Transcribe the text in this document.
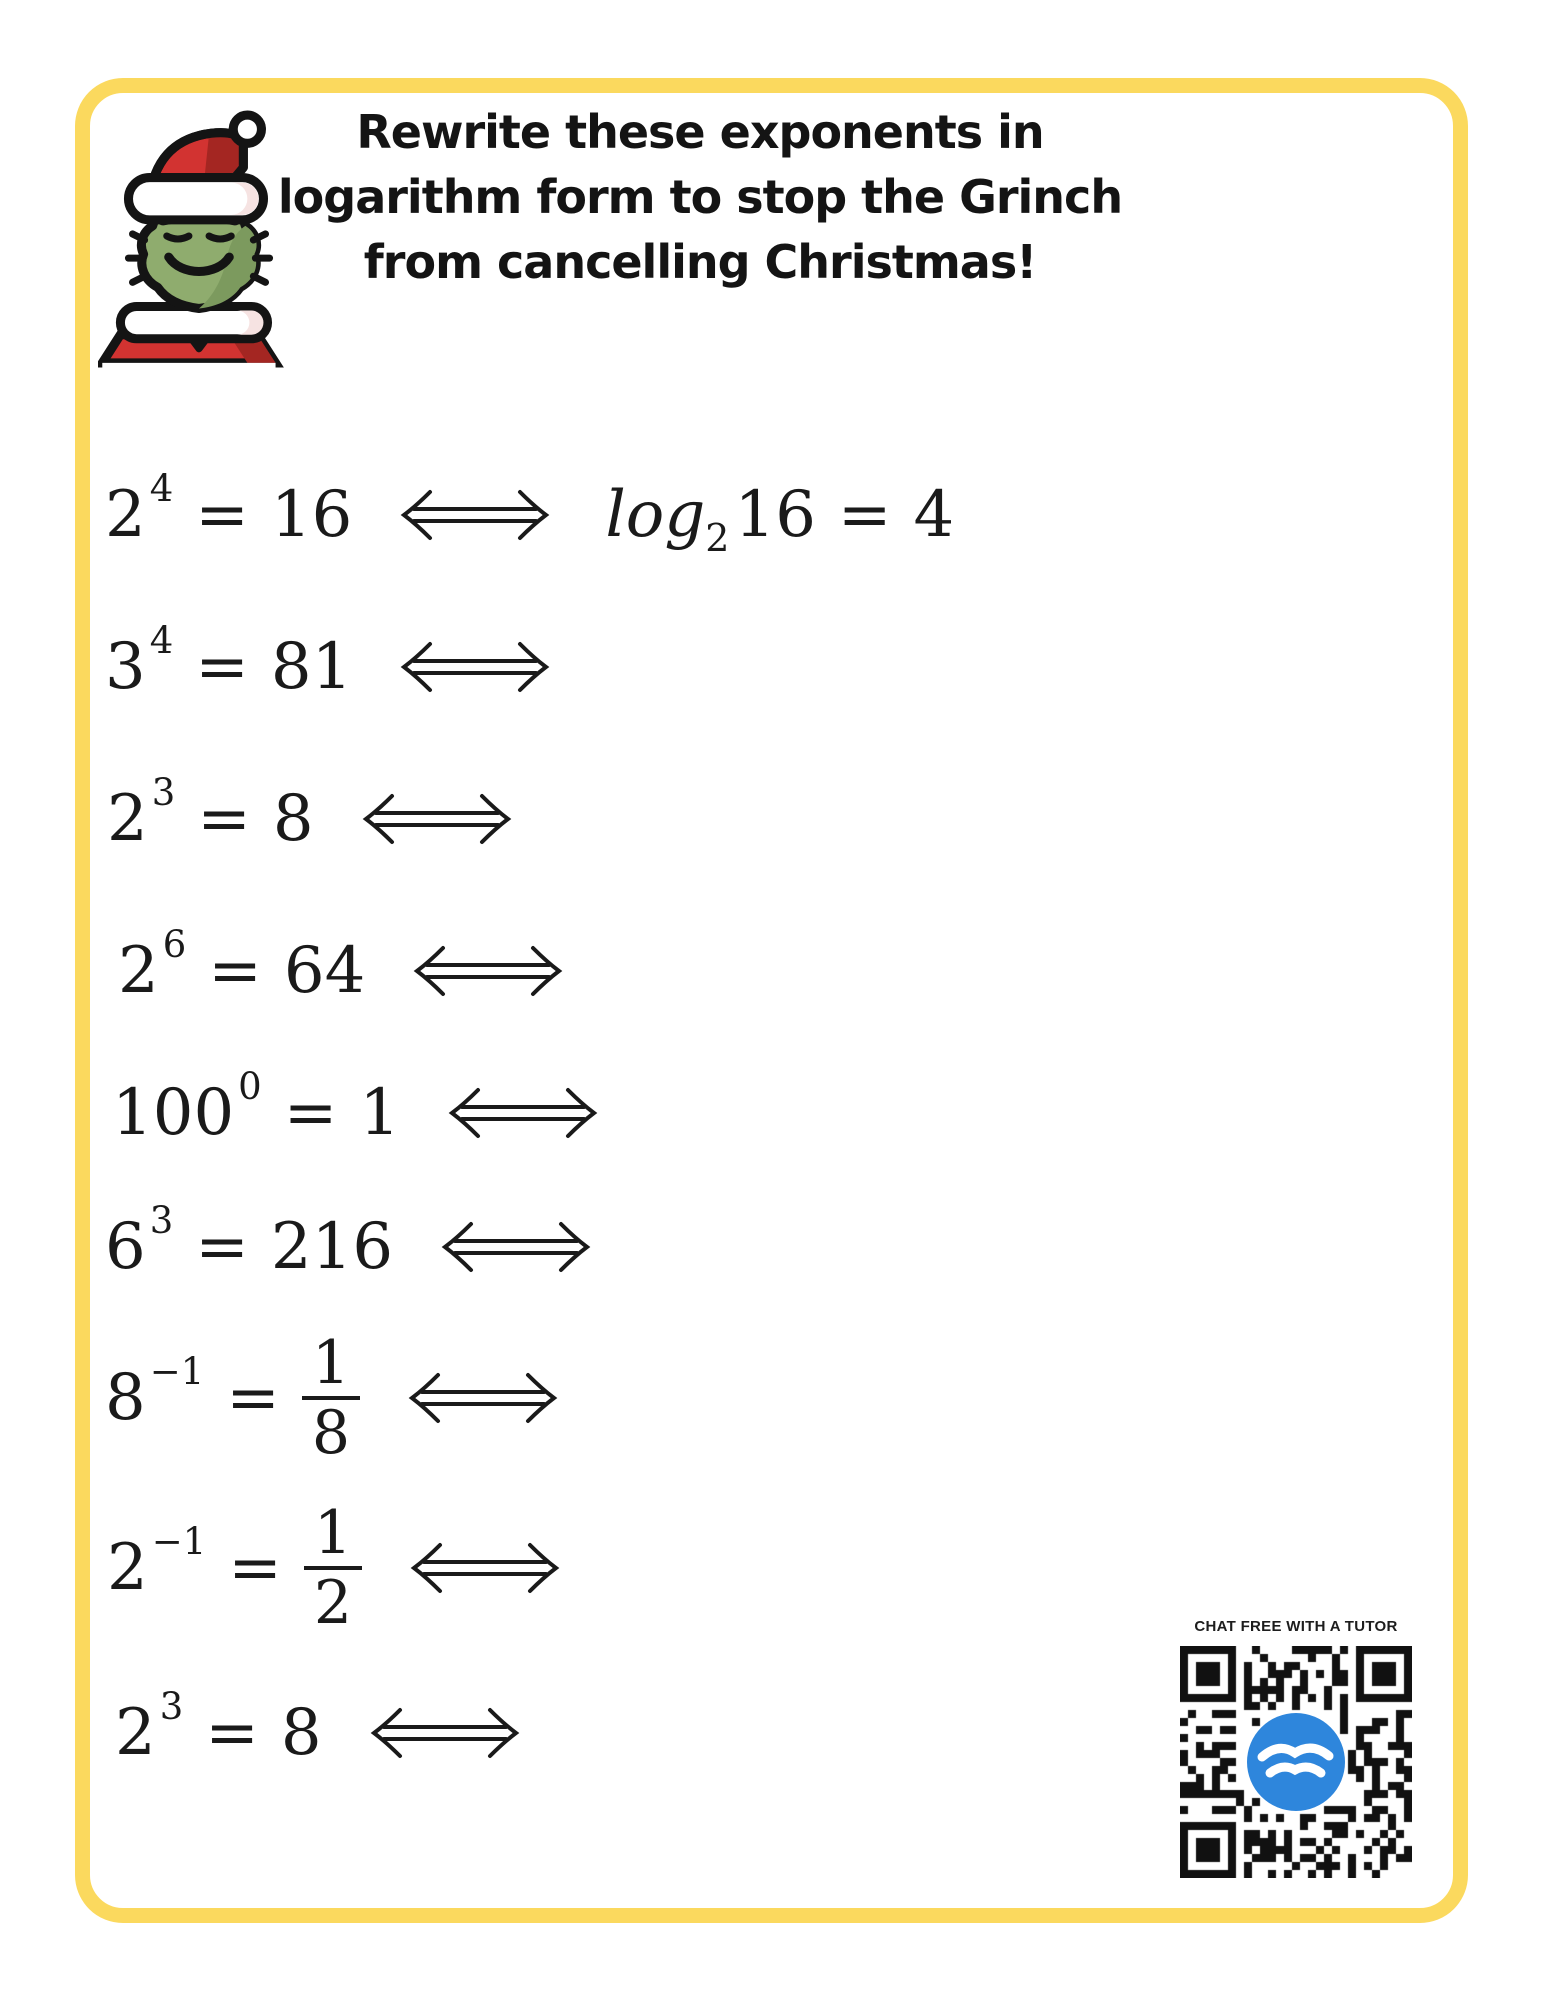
Rewrite these exponents in
logarithm form to stop the Grinch
from cancelling Christmas!
2 4 = 16	$\log_216 = 4$
3 4 = 81
2 3 = 8
2 6 = 64
100 0 = 1
6 3 = 216
$8 -1 = \frac{1}{8}$
$2 -1 = \frac{1}{2}$
2 3 = 8
CHAT FREE WITH A TUTOR
